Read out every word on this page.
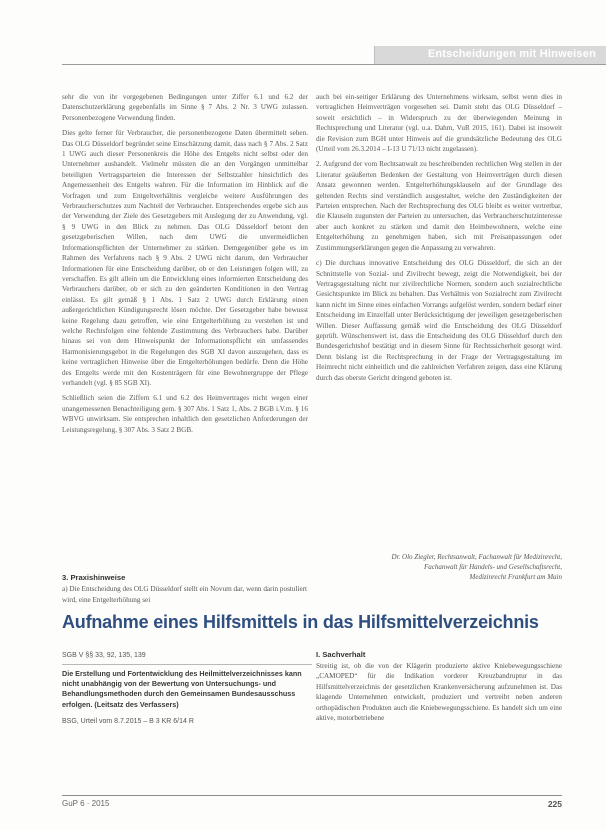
Entscheidungen mit Hinweisen

sehr die von ihr vorgegebenen Bedingungen unter Ziffer 6.1 und 6.2 der Datenschutzerklärung gegebenfalls im Sinne § 7 Abs. 2 Nr. 3 UWG zulassen. Personenbezogene Verwendung finden.

Dies gelte ferner für Verbraucher, die personenbezogene Daten übermittelt sehen. Das OLG Düsseldorf begründet seine Einschätzung damit, dass nach § 7 Abs. 2 Satz 1 UWG auch dieser Personenkreis die Höhe des Entgelts nicht selbst oder den Unternehmer aushandelt. Vielmehr müssten die an den Vorgängen unmittelbar beteiligten Vertragsparteien die Interessen der Selbstzahler hinsichtlich des Angemessenheit des Entgelts wahren. Für die Information im Hinblick auf die Vorfragen und zum Entgeltverhältnis vergleiche weitere Ausführungen des Verbraucherschutzes zum Nachteil der Verbraucher. Entsprechendes ergebe sich aus der Verwendung der Ziele des Gesetzgebers mit Auslegung der zu Anwendung, vgl. § 9 UWG in den Blick zu nehmen. Das OLG Düsseldorf betont den gesetzgeberischen Willen, nach dem UWG die unvermeidlichen Informationspflichten der Unternehmer zu stärken. Demgegenüber gehe es im Rahmen des Verfahrens nach § 9 Abs. 2 UWG nicht darum, den Verbraucher Informationen für eine Entscheidung darüber, ob er den Leistungen folgen will, zu verschaffen. Es gilt allein um die Entwicklung eines informierten Entscheidung des Verbrauchers darüber, ob er sich zu den geänderten Konditionen in den Vertrag einlässt. Es gilt gemäß § 1 Abs. 1 Satz 2 UWG durch Erklärung einen außergerichtlichen Kündigungsrecht lösen möchte. Der Gesetzgeber habe bewusst keine Regelung dazu getroffen, wie eine Entgelterhöhung zu verstehen ist und welche Rechtsfolgen eine fehlende Zustimmung des Verbrauchers habe. Darüber hinaus sei von dem Hinweispunkt der Informationspflicht ein umfassendes Harmonisierungsgebot in die Regelungen des SGB XI davon auszugehen, dass es keine vertraglichen Hinweise über die Entgelterhöhungen bedürfe. Denn die Höhe des Entgelts werde mit den Kostenträgern für eine Bewohnergruppe der Pflege verhandelt (vgl. § 85 SGB XI).

Schließlich seien die Ziffern 6.1 und 6.2 des Heimvertrages nicht wegen einer unangemessenen Benachteiligung gem. § 307 Abs. 1 Satz 1, Abs. 2 BGB i.V.m. § 16 WBVG unwirksam. Sie entsprechen inhaltlich den gesetzlichen Anforderungen der Leistungsregelung, § 307 Abs. 3 Satz 2 BGB.

auch bei ein-seitiger Erklärung des Unternehmens wirksam, selbst wenn dies in vertraglichen Heimverträgen vorgesehen sei. Damit steht das OLG Düsseldorf – soweit ersichtlich – in Widerspruch zu der überwiegenden Meinung in Rechtsprechung und Literatur (vgl. u.a. Dahm, VuR 2015, 161). Dabei ist insoweit die Revision zum BGH unter Hinweis auf die grundsätzliche Bedeutung des OLG (Urteil vom 26.3.2014 – I-13 U 71/13 nicht zugelassen).

2. Aufgrund der vom Rechtsanwalt zu beschreibenden rechtlichen Weg stellen in der Literatur geäußerten Bedenken der Gestaltung von Heimverträgen durch diesen Ansatz gewonnen werden. Entgelterhöhungsklauseln auf der Grundlage des geltenden Rechts sind verständlich ausgestaltet, welche den Zuständigkeiten der Parteien entsprechen. Nach der Rechtsprechung des OLG bleibt es weiter vertretbar, die Klauseln zugunsten der Parteien zu untersuchen, das Verbraucherschutzinteresse aber auch konkret zu stärken und damit den Heimbewohnern, welche eine Entgelterhöhung zu genehmigen haben, sich mit Preisanpassungen oder Zustimmungserklärungen gegen die Anpassung zu verwahren.

c) Die durchaus innovative Entscheidung des OLG Düsseldorf, die sich an der Schnittstelle von Sozial- und Zivilrecht bewegt, zeigt die Notwendigkeit, bei der Vertragsgestaltung nicht nur zivilrechtliche Normen, sondern auch sozialrechtliche Gesichtspunkte im Blick zu behalten. Das Verhältnis von Sozialrecht zum Zivilrecht kann nicht im Sinne eines einfachen Vorrangs aufgelöst werden, sondern bedarf einer Entscheidung im Einzelfall unter Berücksichtigung der jeweiligen gesetzgeberischen Willen. Dieser Auffassung gemäß wird die Entscheidung des OLG Düsseldorf geprüft. Wünschenswert ist, dass die Entscheidung des OLG Düsseldorf durch den Bundesgerichtshof bestätigt und in diesem Sinne für Rechtssicherheit gesorgt wird. Denn bislang ist die Rechtsprechung in der Frage der Vertragsgestaltung im Heimrecht nicht einheitlich und die zahlreichen Verfahren zeigen, dass eine Klärung durch das oberste Gericht dringend geboten ist.

Dr. Olo Ziegler, Rechtsanwalt, Fachanwalt für Medizinrecht,
Fachanwalt für Handels- und Gesellschaftsrecht,
Medizinrecht Frankfurt am Main
3. Praxishinweise
a) Die Entscheidung des OLG Düsseldorf stellt ein Novum dar, wenn darin postuliert wird, eine Entgelterhöhung sei
Aufnahme eines Hilfsmittels in das Hilfsmittelverzeichnis
SGB V §§ 33, 92, 135, 139
Die Erstellung und Fortentwicklung des Heilmittelverzeichnisses kann nicht unabhängig von der Bewertung von Untersuchungs- und Behandlungsmethoden durch den Gemeinsamen Bundesausschuss erfolgen. (Leitsatz des Verfassers)
BSG, Urteil vom 8.7.2015 – B 3 KR 6/14 R
I. Sachverhalt

Streitig ist, ob die von der Klägerin produzierte aktive Kniebewegungsschiene „CAMOPED“ für die Indikation vorderer Kreuzbandruptur in das Hilfsmittelverzeichnis der gesetzlichen Krankenversicherung aufzunehmen ist. Das klagende Unternehmen entwickelt, produziert und vertreibt neben anderen orthopädischen Produkten auch die Kniebewegungsschiene. Es handelt sich um eine aktive, motorbetriebene

GuP 6 · 2015	225
